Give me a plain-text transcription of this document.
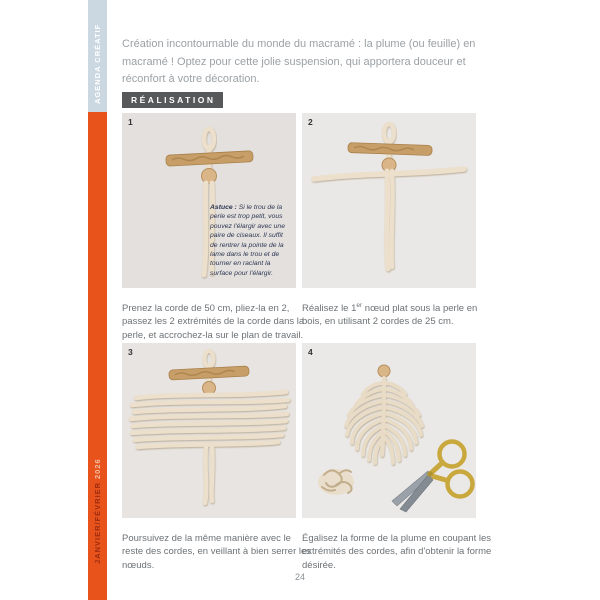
AGENDA CRÉATIF
JANVIER/FÉVRIER

2026

Création incontournable du monde du macramé : la plume (ou feuille) en macramé ! Optez pour cette jolie suspension, qui apportera douceur et réconfort à votre décoration.

RÉALISATION
1
Astuce : Si le trou de la perle est trop petit, vous pouvez l'élargir avec une paire de ciseaux. Il suffit de rentrer la pointe de la lame dans le trou et de tourner en raclant la surface pour l'élargir.

Prenez la corde de 50 cm, pliez-la en 2, passez les 2 extrémités de la corde dans la perle, et accrochez-la sur le plan de travail.

2

Réalisez le 1er nœud plat sous la perle en bois, en utilisant 2 cordes de 25 cm.

3

Poursuivez de la même manière avec le reste des cordes, en veillant à bien serrer les nœuds.

4

Égalisez la forme de la plume en coupant les extrémités des cordes, afin d'obtenir la forme désirée.

24
